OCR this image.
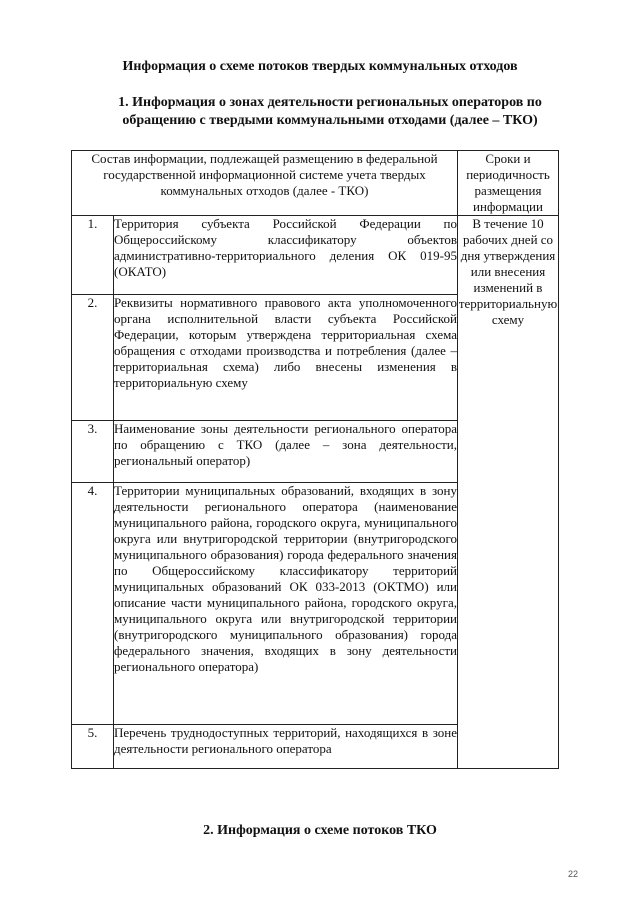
Информация о схеме потоков твердых коммунальных отходов
1. Информация о зонах деятельности региональных операторов по обращению с твердыми коммунальными отходами (далее – ТКО)
Состав информации, подлежащей размещению в федеральной государственной информационной системе учета твердых коммунальных отходов (далее - ТКО)		Сроки и периодичность размещения информации
1.	Территория субъекта Российской Федерации по Общероссийскому классификатору объектов административно-территориального деления ОК 019-95 (ОКАТО)	В течение 10 рабочих дней со дня утверждения или внесения изменений в территориальную схему

2.	Реквизиты нормативного правового акта уполномоченного органа исполнительной власти субъекта Российской Федерации, которым утверждена территориальная схема обращения с отходами производства и потребления (далее – территориальная схема) либо внесены изменения в территориальную схему	
3.	Наименование зоны деятельности регионального оператора по обращению с ТКО (далее – зона деятельности, региональный оператор)	
4.	Территории муниципальных образований, входящих в зону деятельности регионального оператора (наименование муниципального района, городского округа, муниципального округа или внутригородской территории (внутригородского муниципального образования) города федерального значения по Общероссийскому классификатору территорий муниципальных образований ОК 033-2013 (ОКТМО) или описание части муниципального района, городского округа, муниципального округа или внутригородской территории (внутригородского муниципального образования) города федерального значения, входящих в зону деятельности регионального оператора)	
5.	Перечень труднодоступных территорий, находящихся в зоне деятельности регионального оператора	
2. Информация о схеме потоков ТКО
22
